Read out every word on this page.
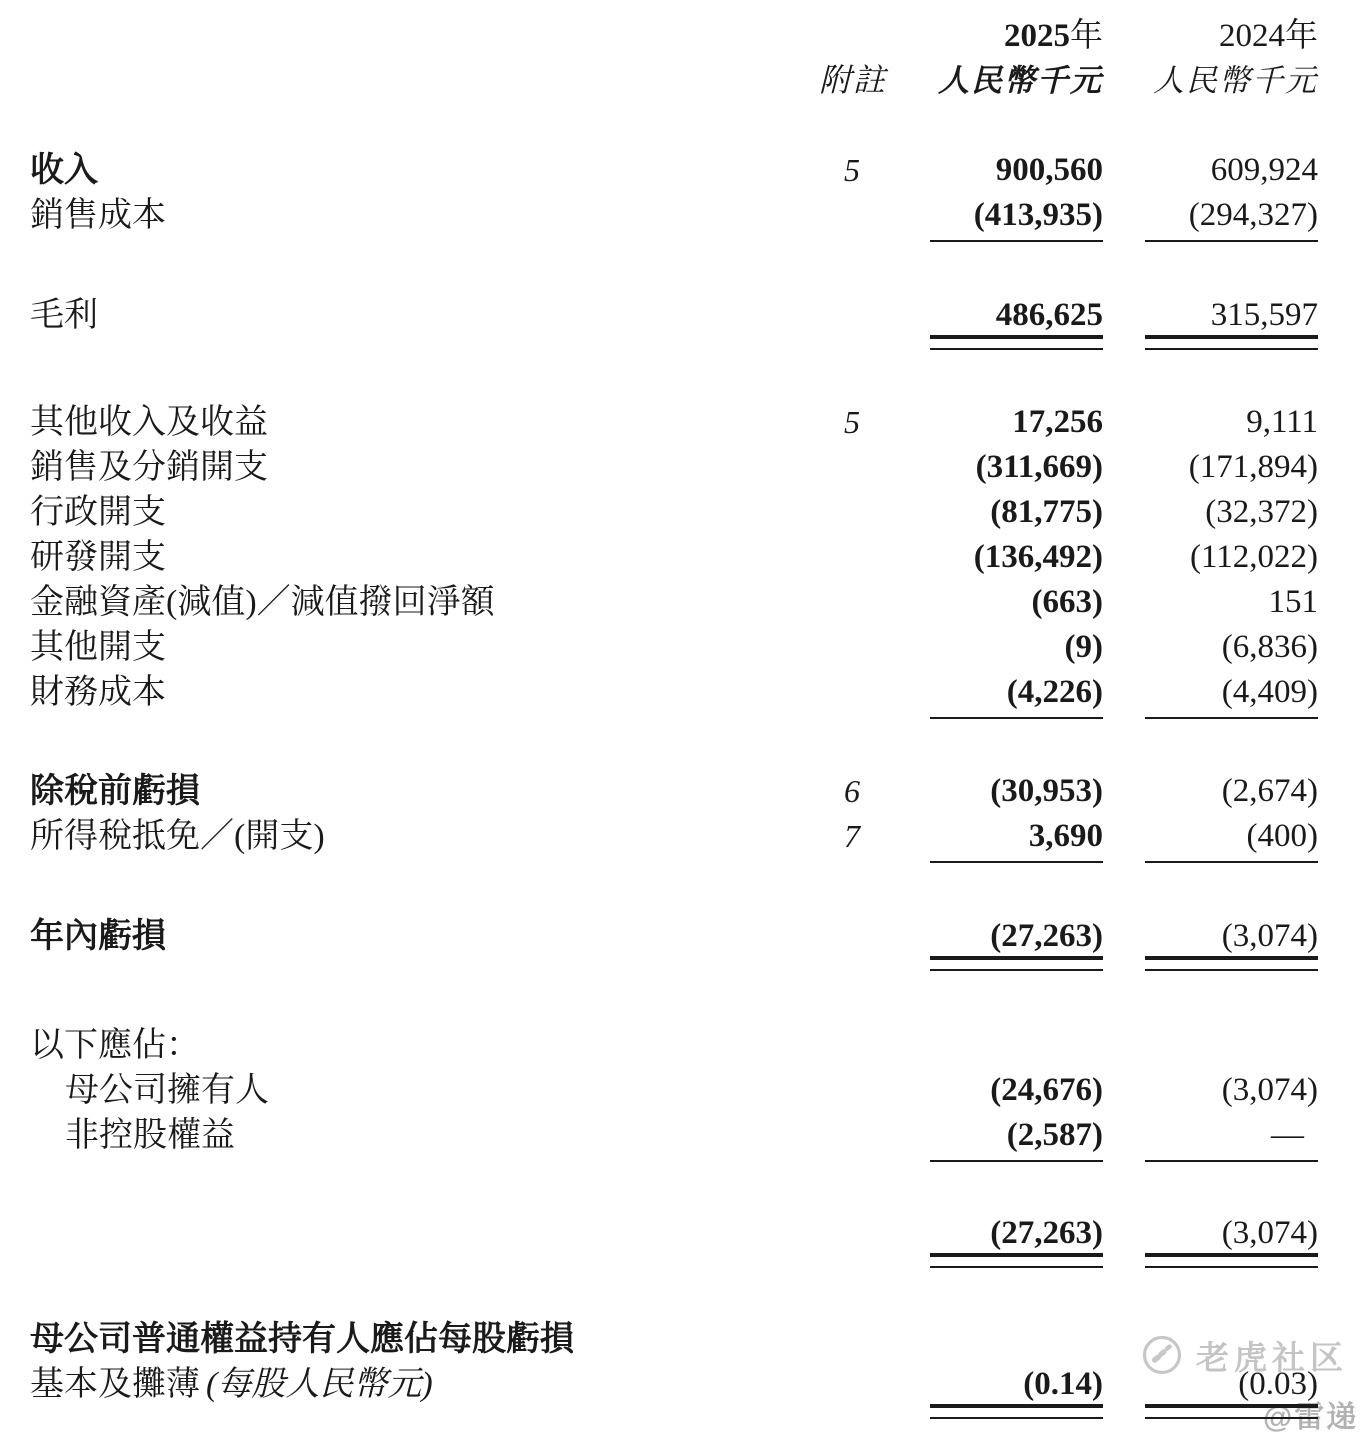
老虎社区
@雷递
2025年	2024年
附註	人民幣千元 人民幣千元
收入	5	900,560	609,924
銷售成本	(413,935)	(294,327)
毛利	486,625	315,597
其他收入及收益	5	17,256	9,111
銷售及分銷開支	(311,669)	(171,894)
行政開支	(81,775)	(32,372)
研發開支	(136,492)	(112,022)
金融資產(減值)／減值撥回淨額	(663)	151
其他開支	(9)	(6,836)
財務成本	(4,226)	(4,409)
除稅前虧損	6	(30,953)	(2,674)
所得稅抵免／(開支)	7	3,690	(400)
年內虧損	(27,263)	(3,074)
以下應佔：
母公司擁有人	(24,676)	(3,074)
非控股權益	(2,587)	—
(27,263)	(3,074)
母公司普通權益持有人應佔每股虧損
基本及攤薄 (每股人民幣元)	(0.14)	(0.03)
